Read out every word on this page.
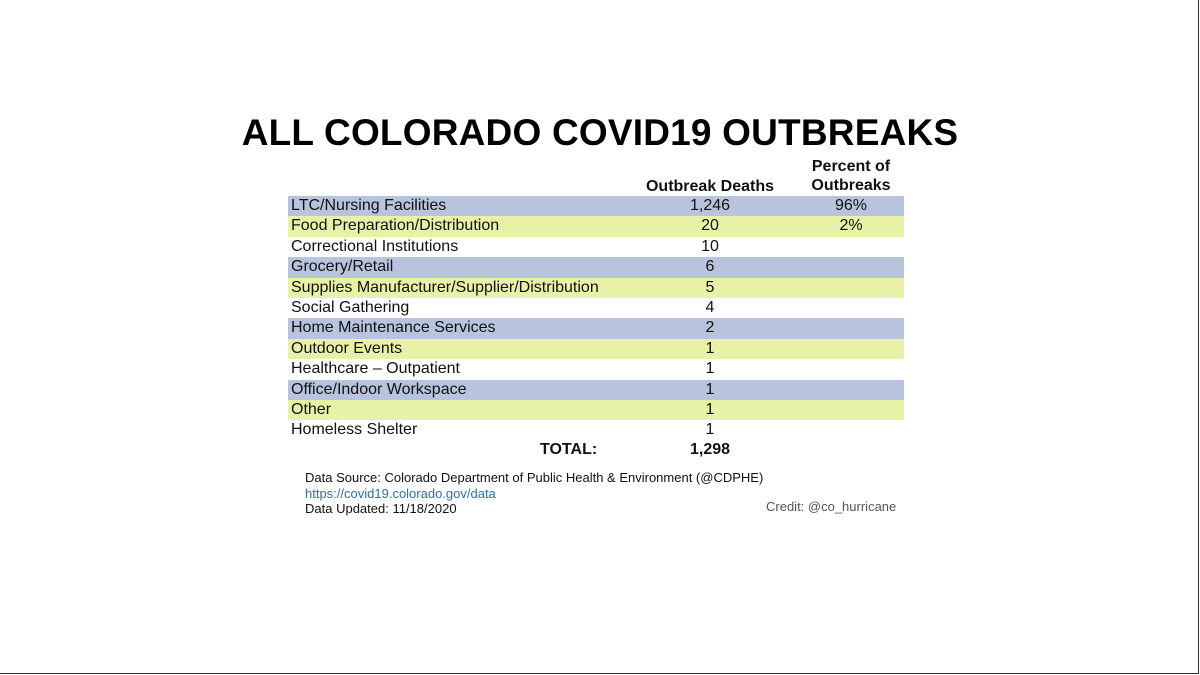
ALL COLORADO COVID19 OUTBREAKS
Outbreak Deaths
Percent of
Outbreaks
LTC/Nursing Facilities	1,246	96%
Food Preparation/Distribution	20	2%
Correctional Institutions	10
Grocery/Retail	6
Supplies Manufacturer/Supplier/Distribution	5
Social Gathering	4
Home Maintenance Services	2
Outdoor Events	1
Healthcare – Outpatient	1
Office/Indoor Workspace	1
Other	1
Homeless Shelter	1
TOTAL:	1,298
Data Source: Colorado Department of Public Health & Environment (@CDPHE)
https://covid19.colorado.gov/data
Data Updated: 11/18/2020	Credit: @co_hurricane
